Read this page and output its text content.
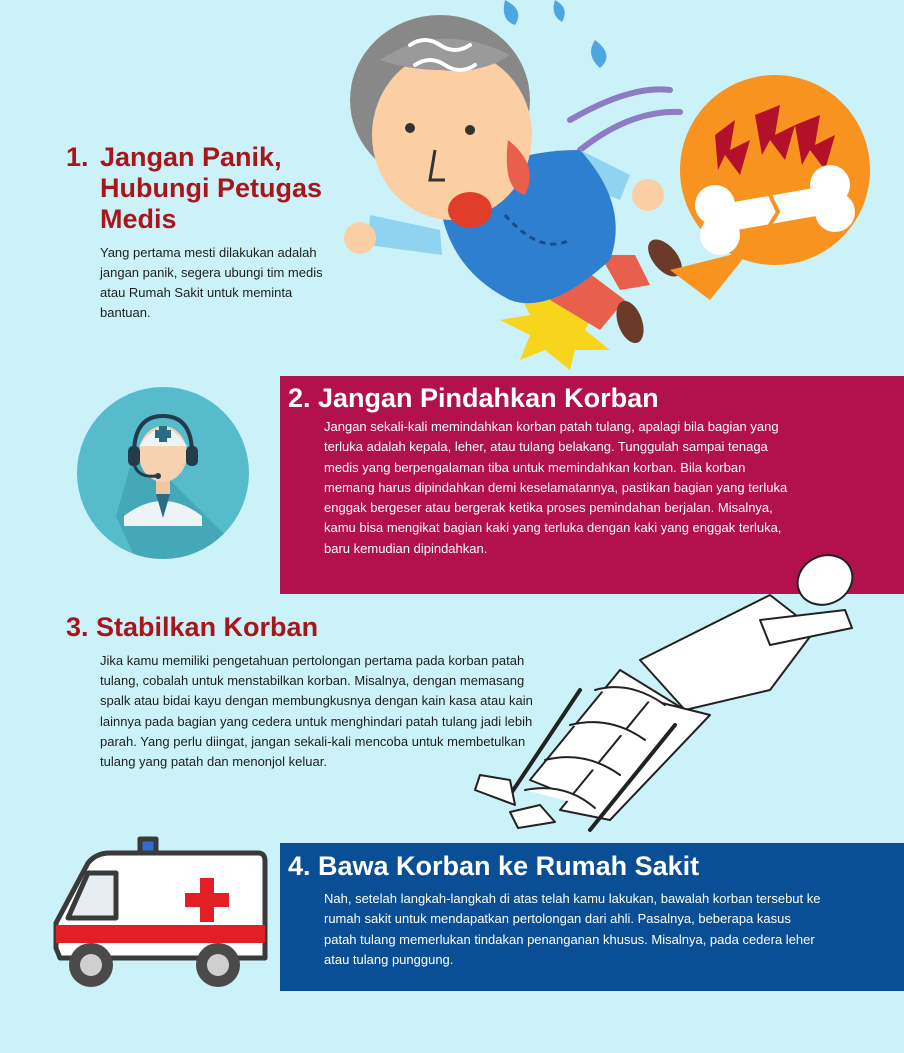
1. Jangan Panik,
Hubungi Petugas
Medis

Yang pertama mesti dilakukan adalah jangan panik, segera ubungi tim medis atau Rumah Sakit untuk meminta bantuan.

2. Jangan Pindahkan Korban

Jangan sekali-kali memindahkan korban patah tulang, apalagi bila bagian yang terluka adalah kepala, leher, atau tulang belakang. Tunggulah sampai tenaga medis yang berpengalaman tiba untuk memindahkan korban. Bila korban memang harus dipindahkan demi keselamatannya, pastikan bagian yang terluka enggak bergeser atau bergerak ketika proses pemindahan berjalan. Misalnya, kamu bisa mengikat bagian kaki yang terluka dengan kaki yang enggak terluka, baru kemudian dipindahkan.

3. Stabilkan Korban

Jika kamu memiliki pengetahuan pertolongan pertama pada korban patah tulang, cobalah untuk menstabilkan korban. Misalnya, dengan memasang spalk atau bidai kayu dengan membungkusnya dengan kain kasa atau kain lainnya pada bagian yang cedera untuk menghindari patah tulang jadi lebih parah. Yang perlu diingat, jangan sekali-kali mencoba untuk membetulkan tulang yang patah dan menonjol keluar.

4. Bawa Korban ke Rumah Sakit

Nah, setelah langkah-langkah di atas telah kamu lakukan, bawalah korban tersebut ke rumah sakit untuk mendapatkan pertolongan dari ahli. Pasalnya, beberapa kasus patah tulang memerlukan tindakan penanganan khusus. Misalnya, pada cedera leher atau tulang punggung.
